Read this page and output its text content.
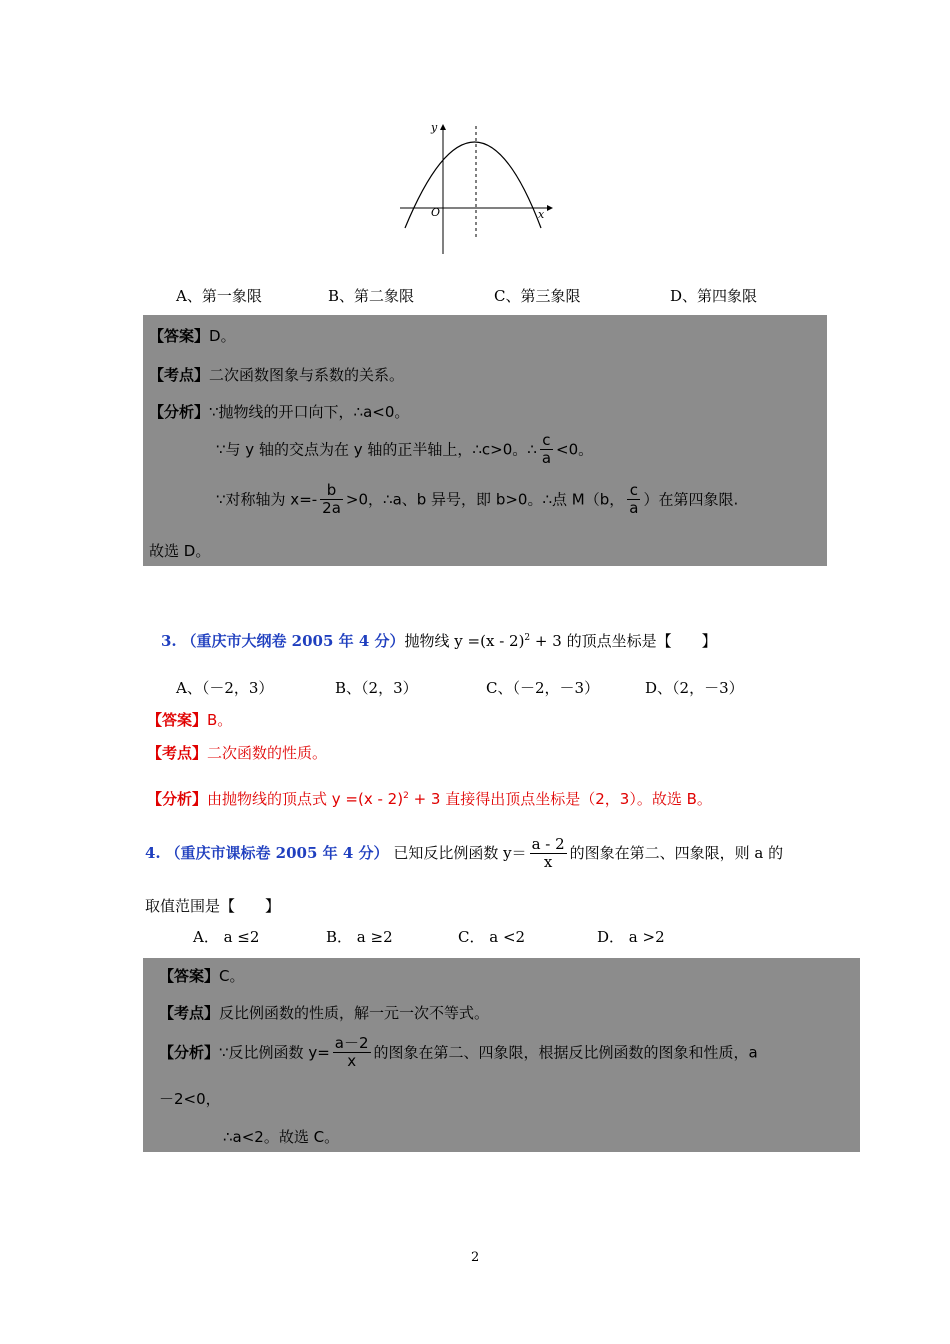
y
x
O
A、第一象限	B、第二象限	C、第三象限	D、第四象限
【答案】D。
【考点】二次函数图象与系数的关系。
【分析】∵抛物线的开口向下，∴a<0。
∵与 y 轴的交点为在 y 轴的正半轴上，∴c>0。∴ $\frac{c}{a} <0$。
∵对称轴为 $x=- \frac{b}{2a} >0$，∴a、b 异号，即 b>0。∴点 M（b， $\frac{c}{a}$ ）在第四象限.
故选 D。
3. （重庆市大纲卷 2005 年 4 分）抛物线 y =(x - 2)$^2$ + 3 的顶点坐标是【　　】
A、（－2，3）	B、（2，3）	C、（－2，－3）	D、（2，－3）
【答案】B。
【考点】二次函数的性质。
【分析】由抛物线的顶点式 y =(x - 2)$^2$ + 3 直接得出顶点坐标是（2，3）。故选 B。
4. （重庆市课标卷 2005 年 4 分） 已知反比例函数 $y= \frac{a - 2}{x}$ 的图象在第二、四象限，则 a 的
取值范围是【　　】
A． a ≤2	B． a ≥2	C． a <2	D． a >2
【答案】C。
【考点】反比例函数的性质，解一元一次不等式。
【分析】∵反比例函数 $y= \frac{a-2}{x}$ 的图象在第二、四象限，根据反比例函数的图象和性质，a
－2<0，
∴a<2。故选 C。
2
